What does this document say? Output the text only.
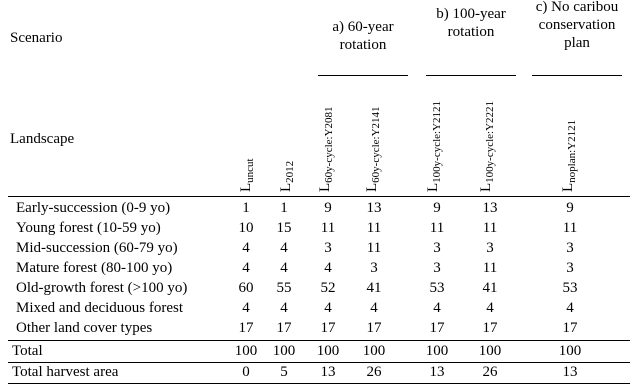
Scenario
Landscape
a) 60-year rotation
b) 100-year rotation
c) No caribou conservation plan
$L_{uncut}$
$L_{2012}$
$L_{60y-cycle:Y2081}$
$L_{60y-cycle:Y2141}$
$L_{100y-cycle:Y2121}$
$L_{100y-cycle:Y2221}$
$L_{noplan:Y2121}$
Early-succession (0-9 yo)	1	1	9	13	9	13	9
Young forest (10-59 yo)	10	15	11	11	11	11	11
Mid-succession (60-79 yo)	4	4	3	11	3	3	3
Mature forest (80-100 yo)	4	4	4	3	3	11	3
Old-growth forest (>100 yo)	60	55	52	41	53	41	53
Mixed and deciduous forest	4	4	4	4	4	4	4
Other land cover types	17	17	17	17	17	17	17
Total	100 100 100 100	100 100	100
Total harvest area	0	5	13	26	13	26	13
